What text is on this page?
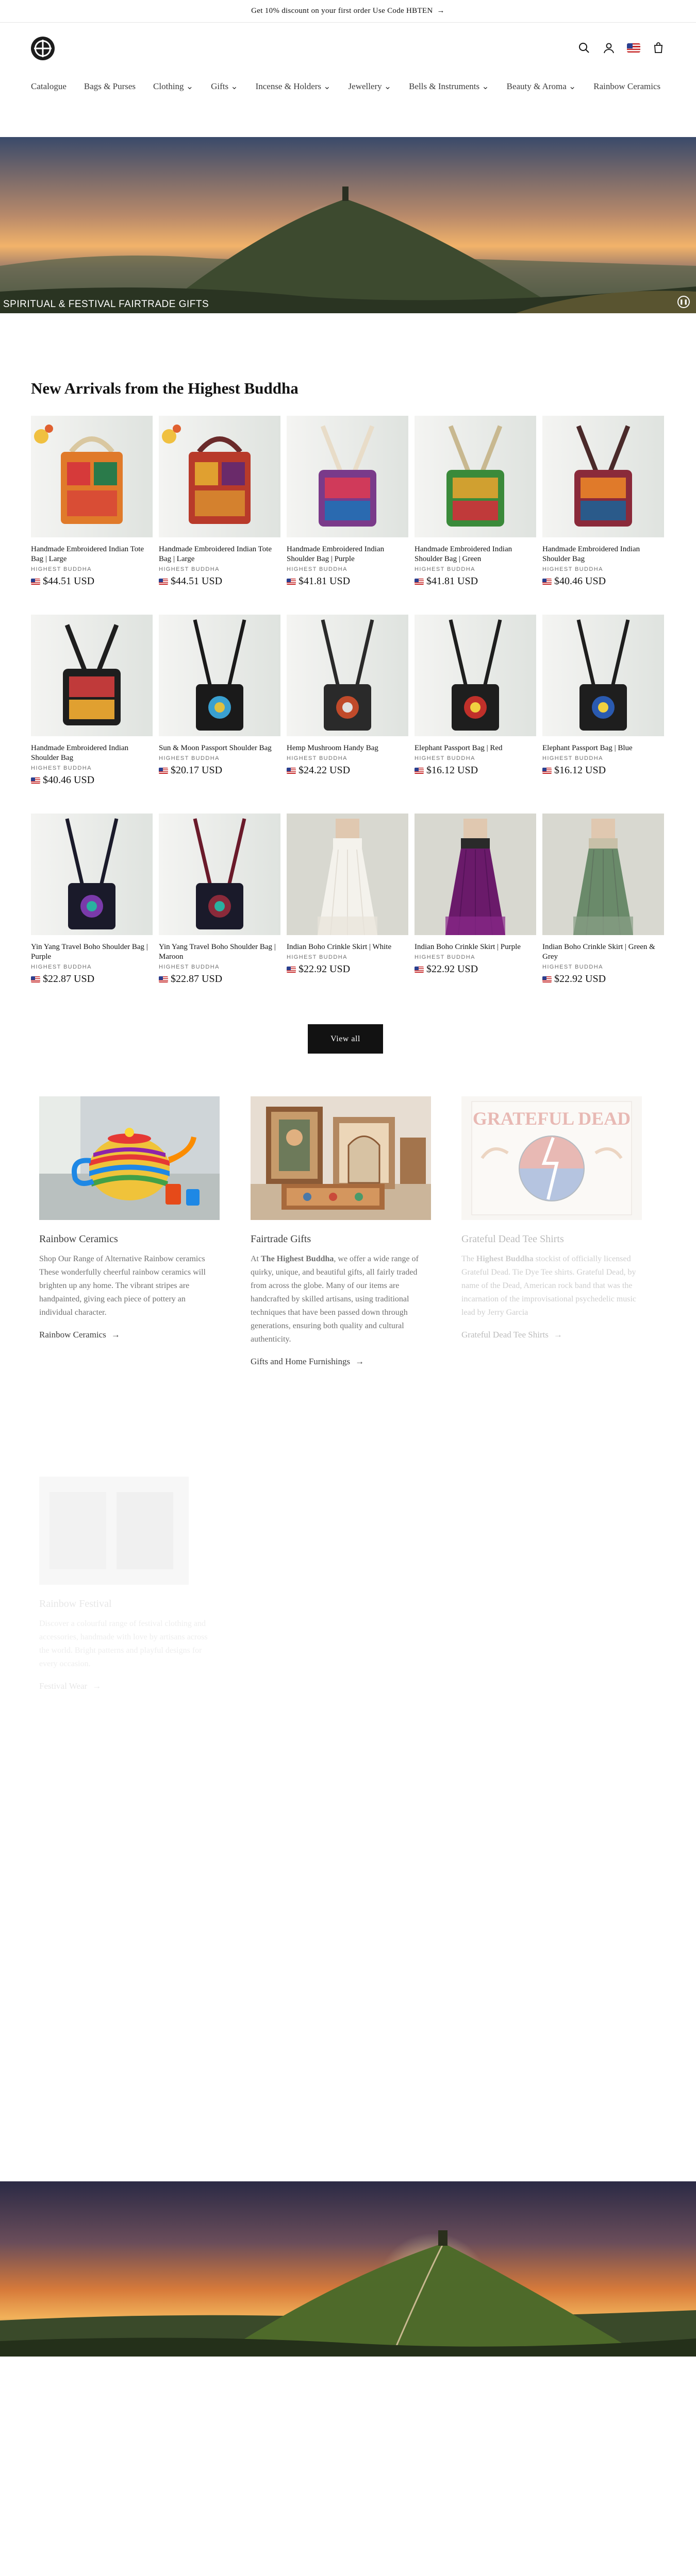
Get 10% discount on your first order Use Code HBTEN →
Catalogue Bags & Purses Clothing ⌄ Gifts ⌄ Incense & Holders ⌄ Jewellery ⌄ Bells & Instruments ⌄ Beauty & Aroma ⌄ Rainbow Ceramics
SPIRITUAL & FESTIVAL FAIRTRADE GIFTS	❚❚
New Arrivals from the Highest Buddha
Handmade Embroidered Indian Tote Bag | Large
HIGHEST BUDDHA
$44.51 USD
Handmade Embroidered Indian Tote Bag | Large
HIGHEST BUDDHA
$44.51 USD
Handmade Embroidered Indian Shoulder Bag | Purple
HIGHEST BUDDHA
$41.81 USD
Handmade Embroidered Indian Shoulder Bag | Green
HIGHEST BUDDHA
$41.81 USD
Handmade Embroidered Indian Shoulder Bag
HIGHEST BUDDHA
$40.46 USD
Handmade Embroidered Indian Shoulder Bag
HIGHEST BUDDHA
$40.46 USD
Sun & Moon Passport Shoulder Bag
HIGHEST BUDDHA
$20.17 USD
Hemp Mushroom Handy Bag
HIGHEST BUDDHA
$24.22 USD
Elephant Passport Bag | Red
HIGHEST BUDDHA
$16.12 USD
Elephant Passport Bag | Blue
HIGHEST BUDDHA
$16.12 USD
Yin Yang Travel Boho Shoulder Bag | Purple
HIGHEST BUDDHA
$22.87 USD
Yin Yang Travel Boho Shoulder Bag | Maroon
HIGHEST BUDDHA
$22.87 USD
Indian Boho Crinkle Skirt | White
HIGHEST BUDDHA
$22.92 USD
Indian Boho Crinkle Skirt | Purple
HIGHEST BUDDHA
$22.92 USD
Indian Boho Crinkle Skirt | Green & Grey
HIGHEST BUDDHA
$22.92 USD
View all
Rainbow Ceramics
Shop Our Range of Alternative Rainbow ceramics These wonderfully cheerful rainbow ceramics will brighten up any home. The vibrant stripes are handpainted, giving each piece of pottery an individual character.
Rainbow Ceramics →
Fairtrade Gifts
At The Highest Buddha, we offer a wide range of quirky, unique, and beautiful gifts, all fairly traded from across the globe. Many of our items are handcrafted by skilled artisans, using traditional techniques that have been passed down through generations, ensuring both quality and cultural authenticity.
Gifts and Home Furnishings →
GRATEFUL DEAD
Grateful Dead Tee Shirts
The Highest Buddha stockist of officially licensed Grateful Dead. Tie Dye Tee shirts. Grateful Dead, by name of the Dead, American rock band that was the incarnation of the improvisational psychedelic music lead by Jerry Garcia
Grateful Dead Tee Shirts →
Rainbow Festival
Discover a colourful range of festival clothing and accessories, handmade with love by artisans across the world. Bright patterns and playful designs for every occasion.
Festival Wear →
